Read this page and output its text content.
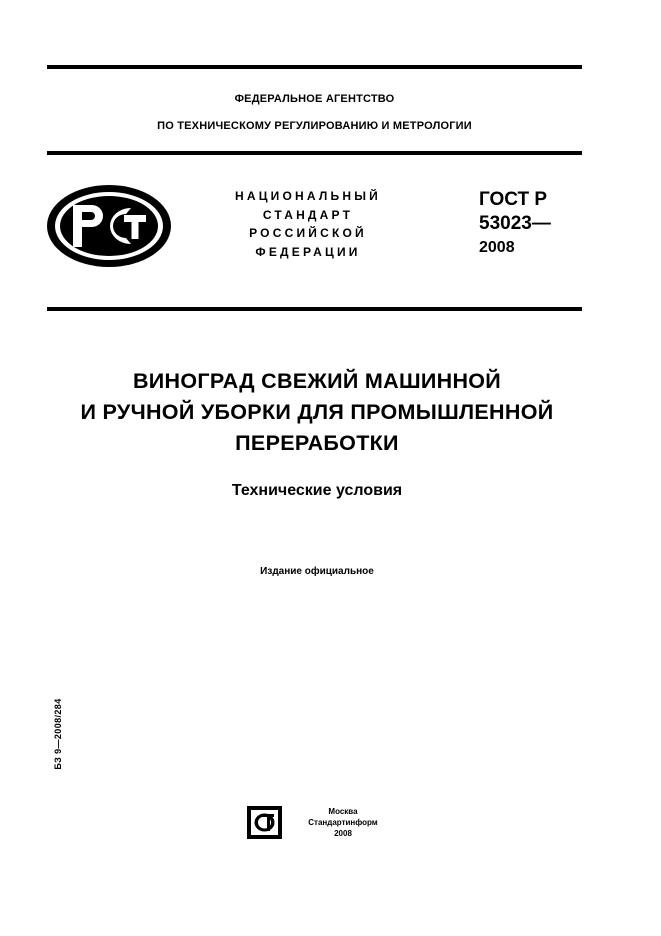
ФЕДЕРАЛЬНОЕ АГЕНТСТВО
ПО ТЕХНИЧЕСКОМУ РЕГУЛИРОВАНИЮ И МЕТРОЛОГИИ
НАЦИОНАЛЬНЫЙ
СТАНДАРТ
РОССИЙСКОЙ
ФЕДЕРАЦИИ
ГОСТ Р
53023—
2008
ВИНОГРАД СВЕЖИЙ МАШИННОЙ
И РУЧНОЙ УБОРКИ ДЛЯ ПРОМЫШЛЕННОЙ
ПЕРЕРАБОТКИ
Технические условия
Издание официальное
БЗ 9—2008/284
Москва
Стандартинформ
2008
